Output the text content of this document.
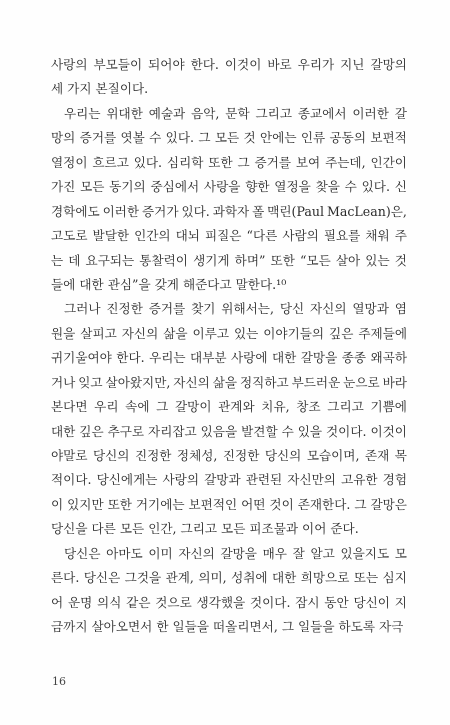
사랑의 부모들이 되어야 한다. 이것이 바로 우리가 지닌 갈망의
세 가지 본질이다.
우리는 위대한 예술과 음악, 문학 그리고 종교에서 이러한 갈
망의 증거를 엿볼 수 있다. 그 모든 것 안에는 인류 공동의 보편적
열정이 흐르고 있다. 심리학 또한 그 증거를 보여 주는데, 인간이
가진 모든 동기의 중심에서 사랑을 향한 열정을 찾을 수 있다. 신
경학에도 이러한 증거가 있다. 과학자 폴 맥린(Paul MacLean)은,
고도로 발달한 인간의 대뇌 피질은 “다른 사람의 필요를 채워 주
는 데 요구되는 통찰력이 생기게 하며” 또한 “모든 살아 있는 것
들에 대한 관심”을 갖게 해준다고 말한다.¹⁰
그러나 진정한 증거를 찾기 위해서는, 당신 자신의 열망과 염
원을 살피고 자신의 삶을 이루고 있는 이야기들의 깊은 주제들에
귀기울여야 한다. 우리는 대부분 사랑에 대한 갈망을 종종 왜곡하
거나 잊고 살아왔지만, 자신의 삶을 정직하고 부드러운 눈으로 바라
본다면 우리 속에 그 갈망이 관계와 치유, 창조 그리고 기쁨에
대한 깊은 추구로 자리잡고 있음을 발견할 수 있을 것이다. 이것이
야말로 당신의 진정한 정체성, 진정한 당신의 모습이며, 존재 목
적이다. 당신에게는 사랑의 갈망과 관련된 자신만의 고유한 경험
이 있지만 또한 거기에는 보편적인 어떤 것이 존재한다. 그 갈망은
당신을 다른 모든 인간, 그리고 모든 피조물과 이어 준다.
당신은 아마도 이미 자신의 갈망을 매우 잘 알고 있을지도 모
른다. 당신은 그것을 관계, 의미, 성취에 대한 희망으로 또는 심지
어 운명 의식 같은 것으로 생각했을 것이다. 잠시 동안 당신이 지
금까지 살아오면서 한 일들을 떠올리면서, 그 일들을 하도록 자극
16
